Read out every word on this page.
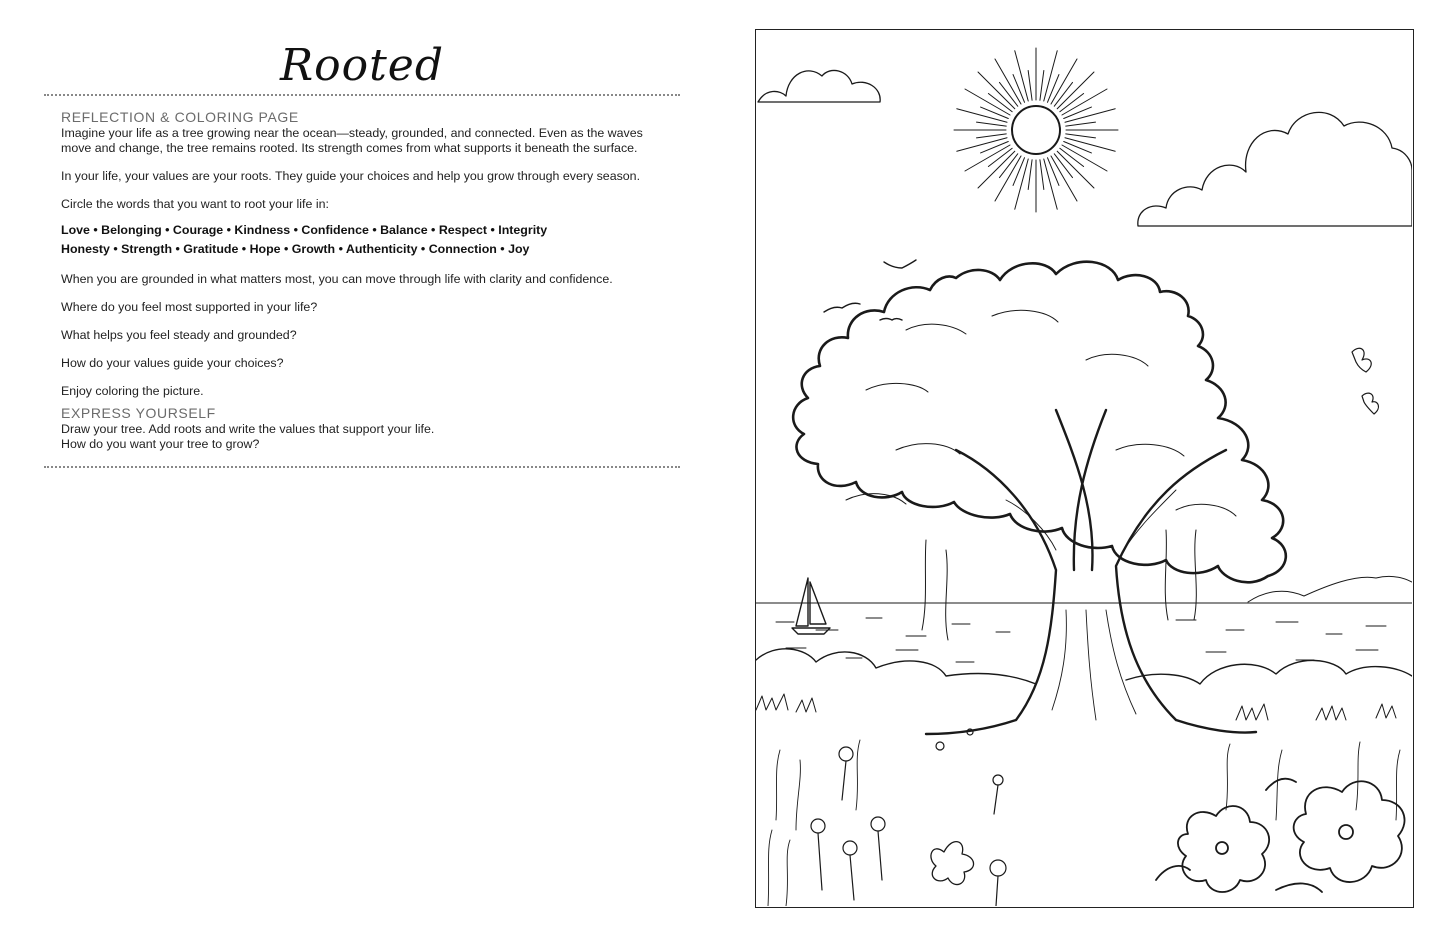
Rooted

REFLECTION & COLORING PAGE

Imagine your life as a tree growing near the ocean—steady, grounded, and connected. Even as the waves

move and change, the tree remains rooted. Its strength comes from what supports it beneath the surface.

In your life, your values are your roots. They guide your choices and help you grow through every season.

Circle the words that you want to root your life in:

Love • Belonging • Courage • Kindness • Confidence • Balance • Respect • Integrity

Honesty • Strength • Gratitude • Hope • Growth • Authenticity • Connection • Joy

When you are grounded in what matters most, you can move through life with clarity and confidence.

Where do you feel most supported in your life?

What helps you feel steady and grounded?

How do your values guide your choices?

Enjoy coloring the picture.

EXPRESS YOURSELF

Draw your tree. Add roots and write the values that support your life.

How do you want your tree to grow?
